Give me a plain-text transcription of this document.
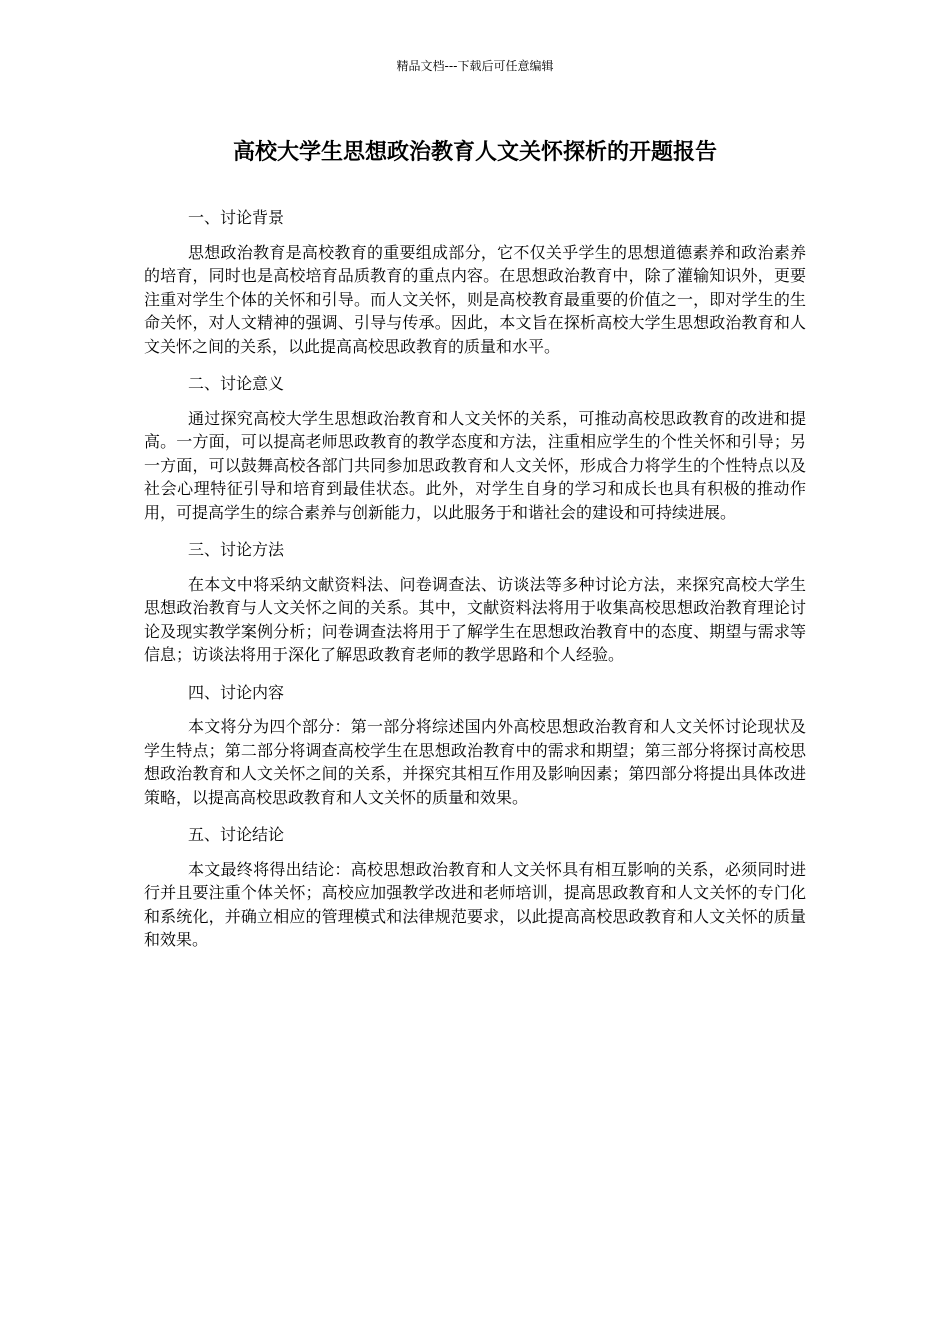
精品文档---下载后可任意编辑
高校大学生思想政治教育人文关怀探析的开题报告
一、讨论背景

思想政治教育是高校教育的重要组成部分，它不仅关乎学生的思想道德素养和政治素养的培育，同时也是高校培育品质教育的重点内容。在思想政治教育中，除了灌输知识外，更要注重对学生个体的关怀和引导。而人文关怀，则是高校教育最重要的价值之一，即对学生的生命关怀，对人文精神的强调、引导与传承。因此，本文旨在探析高校大学生思想政治教育和人文关怀之间的关系，以此提高高校思政教育的质量和水平。

二、讨论意义

通过探究高校大学生思想政治教育和人文关怀的关系，可推动高校思政教育的改进和提高。一方面，可以提高老师思政教育的教学态度和方法，注重相应学生的个性关怀和引导；另一方面，可以鼓舞高校各部门共同参加思政教育和人文关怀，形成合力将学生的个性特点以及社会心理特征引导和培育到最佳状态。此外，对学生自身的学习和成长也具有积极的推动作用，可提高学生的综合素养与创新能力，以此服务于和谐社会的建设和可持续进展。

三、讨论方法

在本文中将采纳文献资料法、问卷调查法、访谈法等多种讨论方法，来探究高校大学生思想政治教育与人文关怀之间的关系。其中，文献资料法将用于收集高校思想政治教育理论讨论及现实教学案例分析；问卷调查法将用于了解学生在思想政治教育中的态度、期望与需求等信息；访谈法将用于深化了解思政教育老师的教学思路和个人经验。

四、讨论内容

本文将分为四个部分：第一部分将综述国内外高校思想政治教育和人文关怀讨论现状及学生特点；第二部分将调查高校学生在思想政治教育中的需求和期望；第三部分将探讨高校思想政治教育和人文关怀之间的关系，并探究其相互作用及影响因素；第四部分将提出具体改进策略，以提高高校思政教育和人文关怀的质量和效果。

五、讨论结论

本文最终将得出结论：高校思想政治教育和人文关怀具有相互影响的关系，必须同时进行并且要注重个体关怀；高校应加强教学改进和老师培训，提高思政教育和人文关怀的专门化和系统化，并确立相应的管理模式和法律规范要求，以此提高高校思政教育和人文关怀的质量和效果。
